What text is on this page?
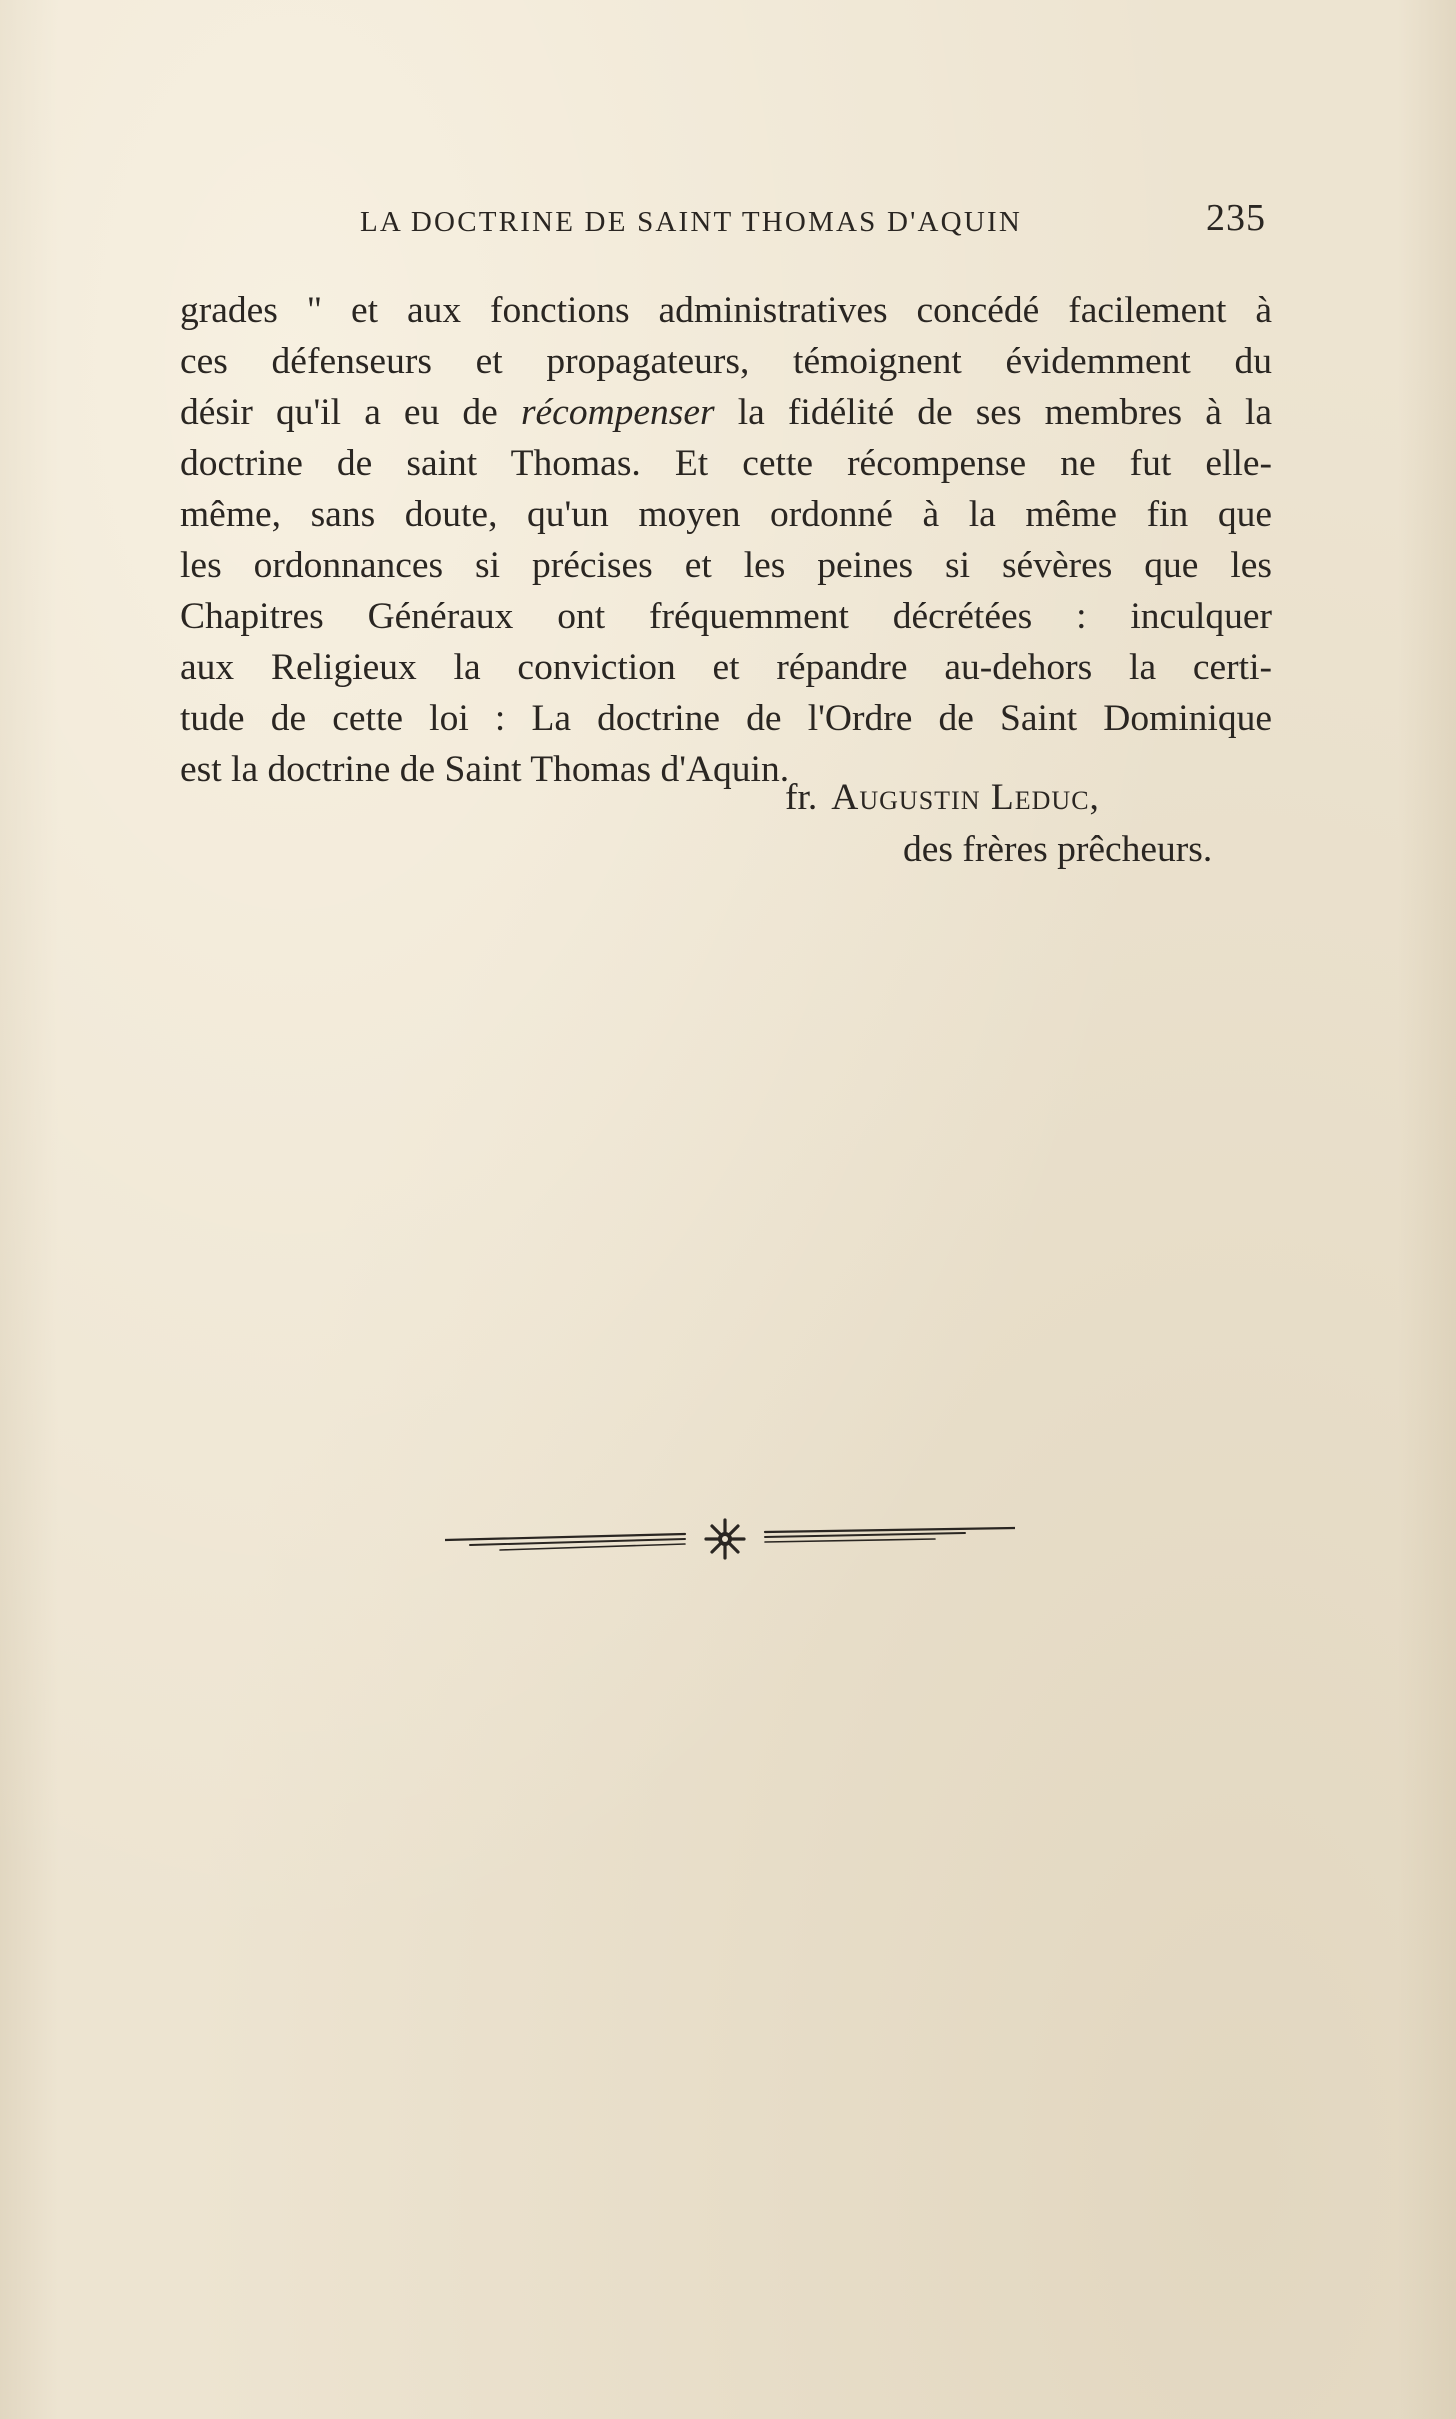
LA DOCTRINE DE SAINT THOMAS D'AQUIN	235
grades " et aux fonctions administratives concédé facilement à
ces défenseurs et propagateurs, témoignent évidemment du
désir qu'il a eu de récompenser la fidélité de ses membres à la
doctrine de saint Thomas. Et cette récompense ne fut elle-
même, sans doute, qu'un moyen ordonné à la même fin que
les ordonnances si précises et les peines si sévères que les
Chapitres Généraux ont fréquemment décrétées : inculquer
aux Religieux la conviction et répandre au-dehors la certi-
tude de cette loi : La doctrine de l'Ordre de Saint Dominique
est la doctrine de Saint Thomas d'Aquin.
fr. Augustin Leduc,
des frères prêcheurs.
